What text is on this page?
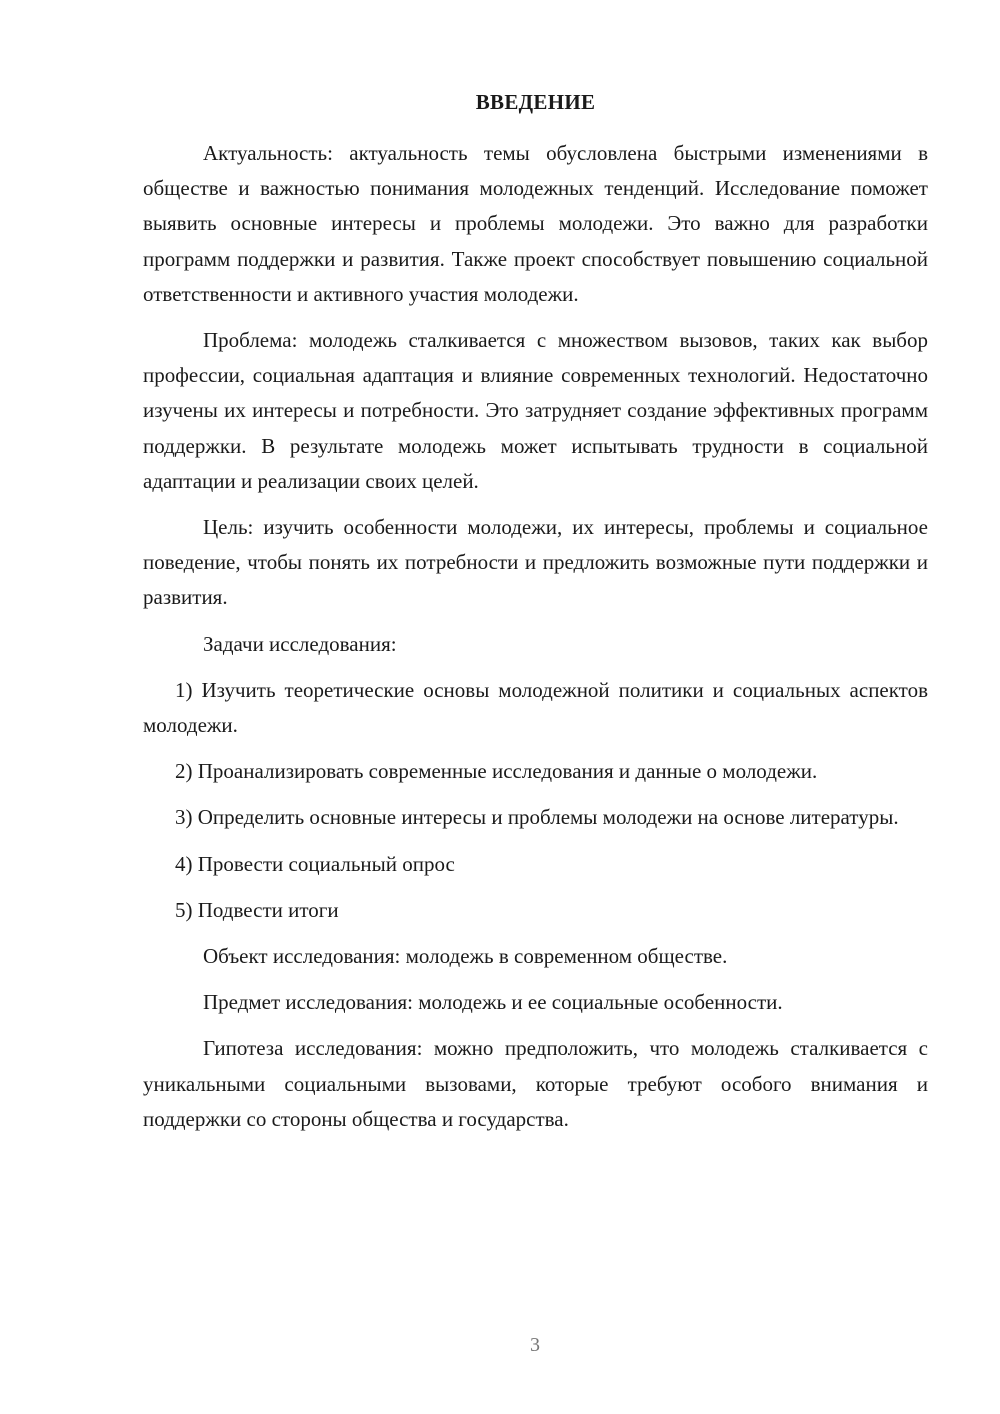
ВВЕДЕНИЕ

Актуальность: актуальность темы обусловлена быстрыми изменениями в обществе и важностью понимания молодежных тенденций. Исследование поможет выявить основные интересы и проблемы молодежи. Это важно для разработки программ поддержки и развития. Также проект способствует повышению социальной ответственности и активного участия молодежи.

Проблема: молодежь сталкивается с множеством вызовов, таких как выбор профессии, социальная адаптация и влияние современных технологий. Недостаточно изучены их интересы и потребности. Это затрудняет создание эффективных программ поддержки. В результате молодежь может испытывать трудности в социальной адаптации и реализации своих целей.

Цель: изучить особенности молодежи, их интересы, проблемы и социальное поведение, чтобы понять их потребности и предложить возможные пути поддержки и развития.

Задачи исследования:

1) Изучить теоретические основы молодежной политики и социальных аспектов молодежи.

2) Проанализировать современные исследования и данные о молодежи.

3) Определить основные интересы и проблемы молодежи на основе литературы.

4) Провести социальный опрос

5) Подвести итоги

Объект исследования: молодежь в современном обществе.

Предмет исследования: молодежь и ее социальные особенности.

Гипотеза исследования: можно предположить, что молодежь сталкивается с уникальными социальными вызовами, которые требуют особого внимания и поддержки со стороны общества и государства.

3
